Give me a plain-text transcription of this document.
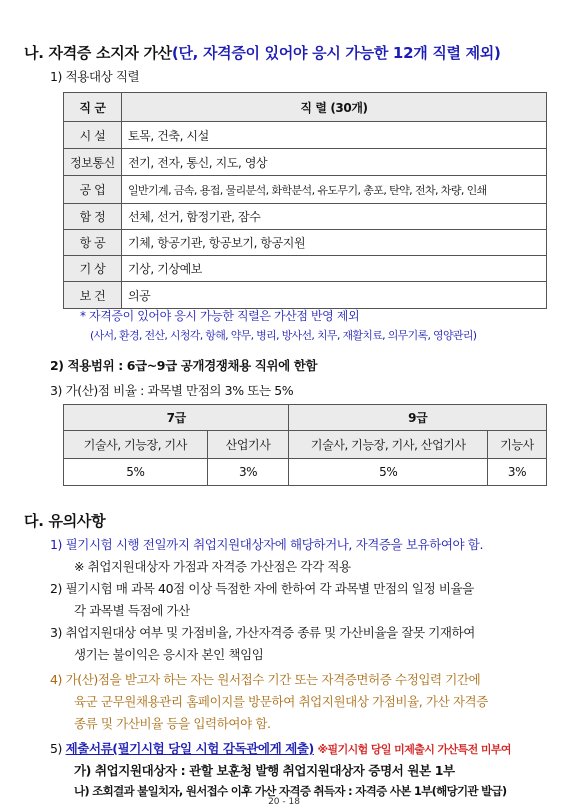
나. 자격증 소지자 가산(단, 자격증이 있어야 응시 가능한 12개 직렬 제외)
1) 적용대상 직렬
직 군	직 렬 (30개)
시 설	토목, 건축, 시설
정보통신	전기, 전자, 통신, 지도, 영상
공 업	일반기계, 금속, 용접, 물리분석, 화학분석, 유도무기, 총포, 탄약, 전차, 차량, 인쇄
함 정	선체, 선거, 함정기관, 잠수
항 공	기체, 항공기관, 항공보기, 항공지원
기 상	기상, 기상예보
보 건	의공
* 자격증이 있어야 응시 가능한 직렬은 가산점 반영 제외
(사서, 환경, 전산, 시청각, 항해, 약무, 병리, 방사선, 치무, 재활치료, 의무기록, 영양관리)
2) 적용범위 : 6급~9급 공개경쟁채용 직위에 한함
3) 가(산)점 비율 : 과목별 만점의 3% 또는 5%
7급		9급	
기술사, 기능장, 기사	산업기사	기술사, 기능장, 기사, 산업기사	기능사
5%	3%	5%	3%
다. 유의사항
1) 필기시험 시행 전일까지 취업지원대상자에 해당하거나, 자격증을 보유하여야 함.
※ 취업지원대상자 가점과 자격증 가산점은 각각 적용
2) 필기시험 매 과목 40점 이상 득점한 자에 한하여 각 과목별 만점의 일정 비율을
각 과목별 득점에 가산
3) 취업지원대상 여부 및 가점비율, 가산자격증 종류 및 가산비율을 잘못 기재하여
생기는 불이익은 응시자 본인 책임임
4) 가(산)점을 받고자 하는 자는 원서접수 기간 또는 자격증면허증 수정입력 기간에
육군 군무원채용관리 홈페이지를 방문하여 취업지원대상 가점비율, 가산 자격증
종류 및 가산비율 등을 입력하여야 함.
5) 제출서류(필기시험 당일 시험 감독관에게 제출) ※필기시험 당일 미제출시 가산특전 미부여
가) 취업지원대상자 : 관할 보훈청 발행 취업지원대상자 증명서 원본 1부
나) 조회결과 불일치자, 원서접수 이후 가산 자격증 취득자 : 자격증 사본 1부(해당기관 발급)
20 - 18
